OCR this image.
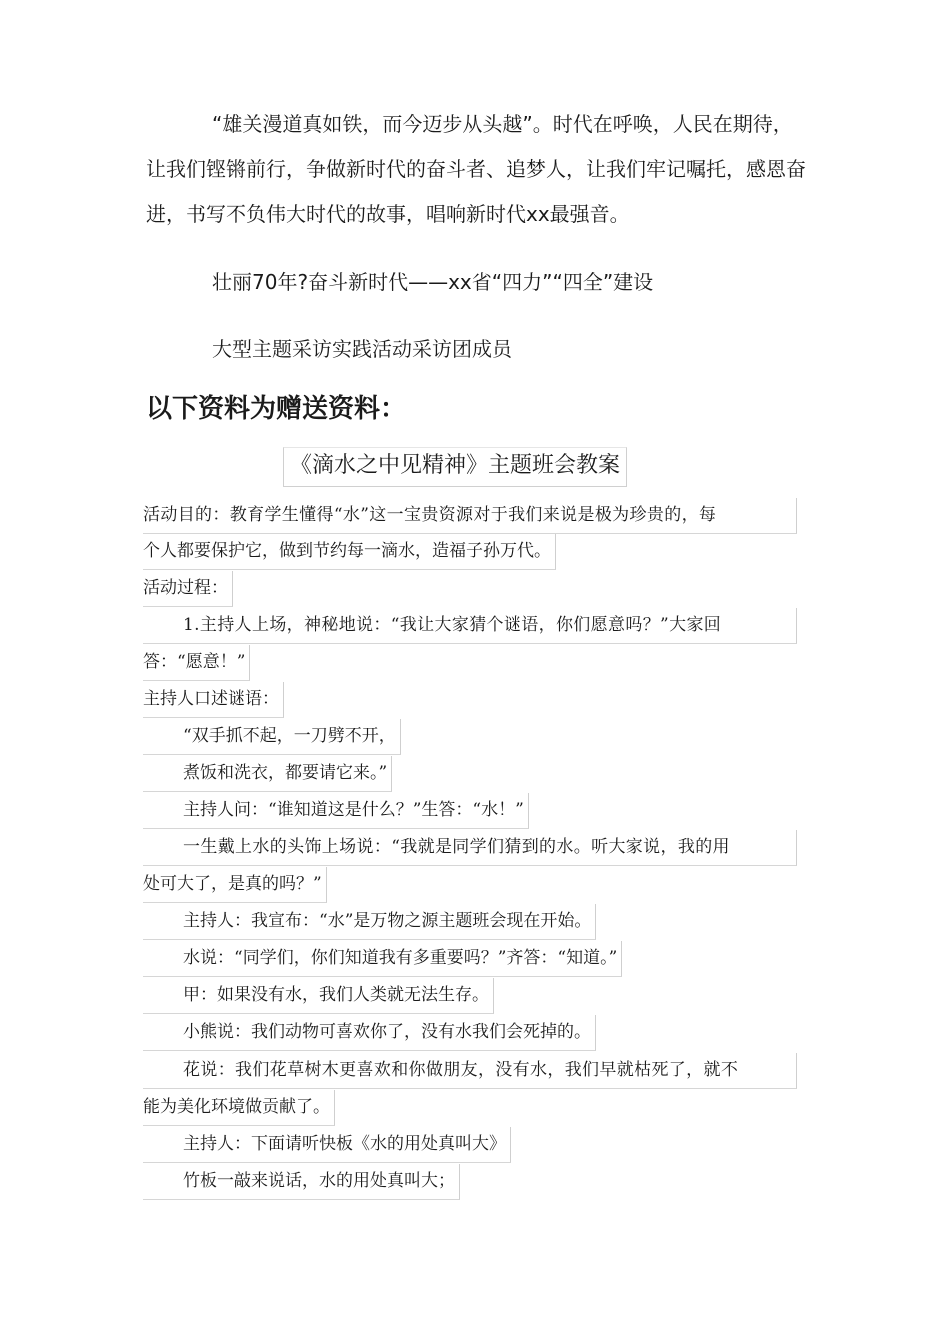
“雄关漫道真如铁，而今迈步从头越”。时代在呼唤，人民在期待，让我们铿锵前行，争做新时代的奋斗者、追梦人，让我们牢记嘱托，感恩奋进，书写不负伟大时代的故事，唱响新时代xx最强音。

壮丽70年?奋斗新时代——xx省“四力”“四全”建设

大型主题采访实践活动采访团成员

以下资料为赠送资料：
《滴水之中见精神》主题班会教案
活动目的：教育学生懂得“水”这一宝贵资源对于我们来说是极为珍贵的，每
个人都要保护它，做到节约每一滴水，造福子孙万代。
活动过程：
1.主持人上场，神秘地说：“我让大家猜个谜语，你们愿意吗？”大家回
答：“愿意！”
主持人口述谜语：
“双手抓不起，一刀劈不开，
煮饭和洗衣，都要请它来。”
主持人问：“谁知道这是什么？”生答：“水！”
一生戴上水的头饰上场说：“我就是同学们猜到的水。听大家说，我的用
处可大了，是真的吗？”
主持人：我宣布：“水”是万物之源主题班会现在开始。
水说：“同学们，你们知道我有多重要吗？”齐答：“知道。”
甲：如果没有水，我们人类就无法生存。
小熊说：我们动物可喜欢你了，没有水我们会死掉的。
花说：我们花草树木更喜欢和你做朋友，没有水，我们早就枯死了，就不
能为美化环境做贡献了。
主持人：下面请听快板《水的用处真叫大》
竹板一敲来说话，水的用处真叫大；
